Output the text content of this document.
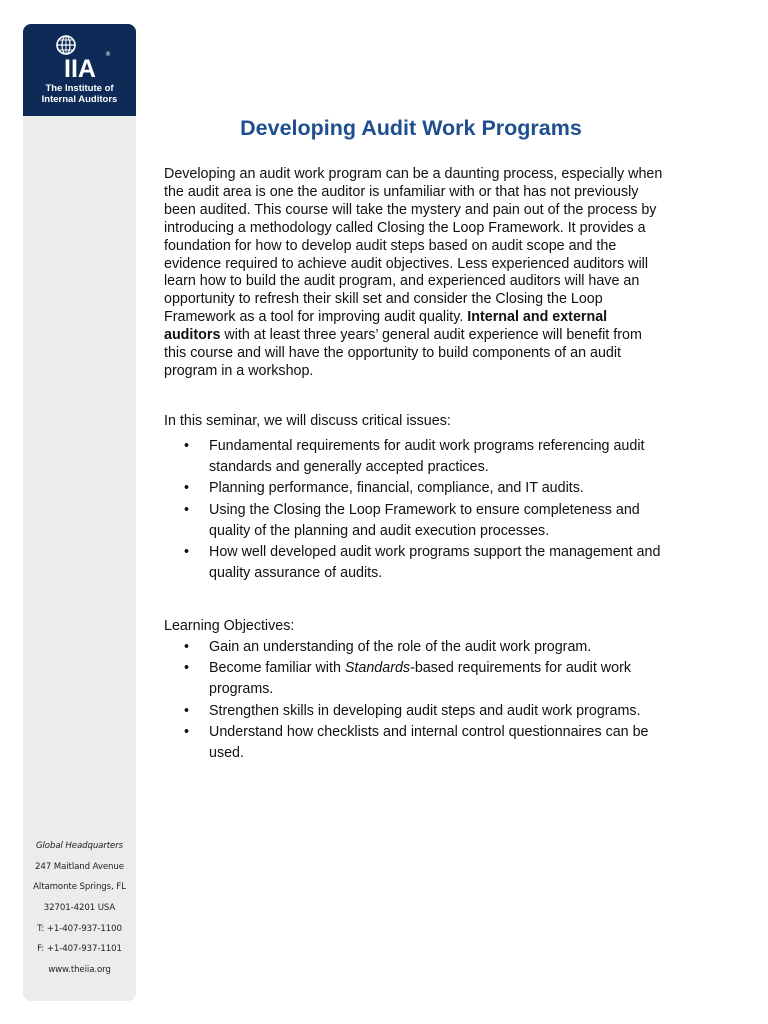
IIA
®
The Institute of
Internal Auditors
Global Headquarters
247 Maitland Avenue
Altamonte Springs, FL
32701-4201 USA
T: +1-407-937-1100
F: +1-407-937-1101
www.theiia.org
Developing Audit Work Programs

Developing an audit work program can be a daunting process, especially when the audit area is one the auditor is unfamiliar with or that has not previously been audited. This course will take the mystery and pain out of the process by introducing a methodology called Closing the Loop Framework. It provides a foundation for how to develop audit steps based on audit scope and the evidence required to achieve audit objectives. Less experienced auditors will learn how to build the audit program, and experienced auditors will have an opportunity to refresh their skill set and consider the Closing the Loop Framework as a tool for improving audit quality. Internal and external auditors with at least three years’ general audit experience will benefit from this course and will have the opportunity to build components of an audit program in a workshop.

In this seminar, we will discuss critical issues:

• Fundamental requirements for audit work programs referencing audit standards and generally accepted practices.
• Planning performance, financial, compliance, and IT audits.
• Using the Closing the Loop Framework to ensure completeness and quality of the planning and audit execution processes.
• How well developed audit work programs support the management and quality assurance of audits.

Learning Objectives:

• Gain an understanding of the role of the audit work program.
• Become familiar with Standards-based requirements for audit work programs.
• Strengthen skills in developing audit steps and audit work programs.
• Understand how checklists and internal control questionnaires can be used.
